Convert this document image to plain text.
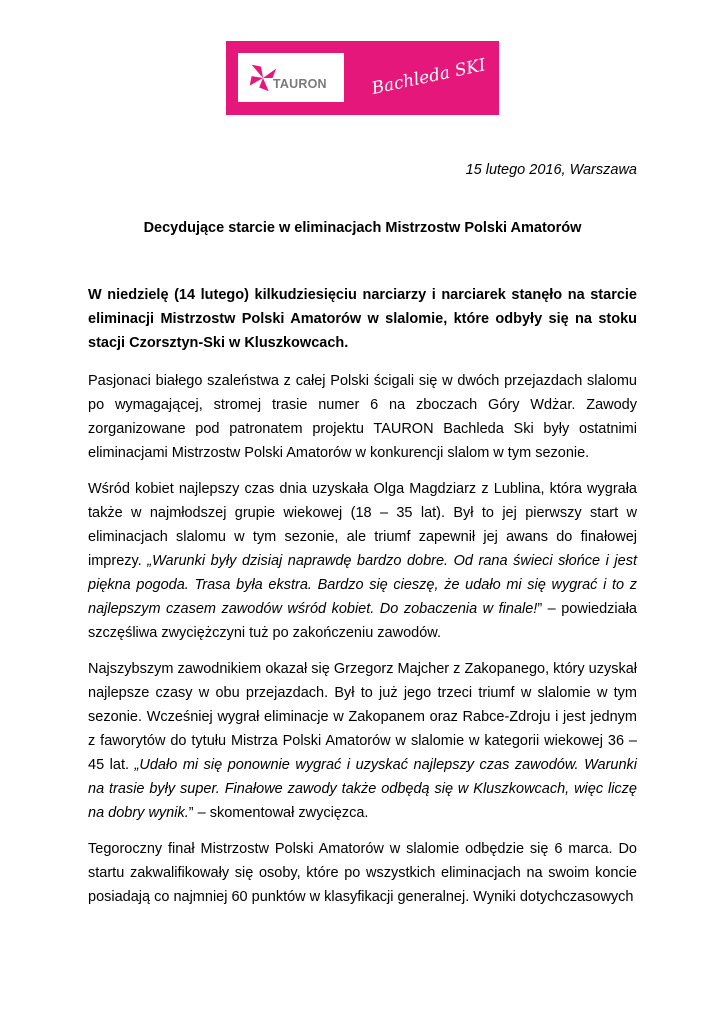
TAURON	Bachleda SKI
15 lutego 2016, Warszawa
Decydujące starcie w eliminacjach Mistrzostw Polski Amatorów

W niedzielę (14 lutego) kilkudziesięciu narciarzy i narciarek stanęło na starcie eliminacji Mistrzostw Polski Amatorów w slalomie, które odbyły się na stoku stacji Czorsztyn-Ski w Kluszkowcach.

Pasjonaci białego szaleństwa z całej Polski ścigali się w dwóch przejazdach slalomu po wymagającej, stromej trasie numer 6 na zboczach Góry Wdżar. Zawody zorganizowane pod patronatem projektu TAURON Bachleda Ski były ostatnimi eliminacjami Mistrzostw Polski Amatorów w konkurencji slalom w tym sezonie.

Wśród kobiet najlepszy czas dnia uzyskała Olga Magdziarz z Lublina, która wygrała także w najmłodszej grupie wiekowej (18 – 35 lat). Był to jej pierwszy start w eliminacjach slalomu w tym sezonie, ale triumf zapewnił jej awans do finałowej imprezy. „Warunki były dzisiaj naprawdę bardzo dobre. Od rana świeci słońce i jest piękna pogoda. Trasa była ekstra. Bardzo się cieszę, że udało mi się wygrać i to z najlepszym czasem zawodów wśród kobiet. Do zobaczenia w finale!” – powiedziała szczęśliwa zwyciężczyni tuż po zakończeniu zawodów.

Najszybszym zawodnikiem okazał się Grzegorz Majcher z Zakopanego, który uzyskał najlepsze czasy w obu przejazdach. Był to już jego trzeci triumf w slalomie w tym sezonie. Wcześniej wygrał eliminacje w Zakopanem oraz Rabce-Zdroju i jest jednym z faworytów do tytułu Mistrza Polski Amatorów w slalomie w kategorii wiekowej 36 – 45 lat. „Udało mi się ponownie wygrać i uzyskać najlepszy czas zawodów. Warunki na trasie były super. Finałowe zawody także odbędą się w Kluszkowcach, więc liczę na dobry wynik.” – skomentował zwycięzca.

Tegoroczny finał Mistrzostw Polski Amatorów w slalomie odbędzie się 6 marca. Do startu zakwalifikowały się osoby, które po wszystkich eliminacjach na swoim koncie posiadają co najmniej 60 punktów w klasyfikacji generalnej. Wyniki dotychczasowych
